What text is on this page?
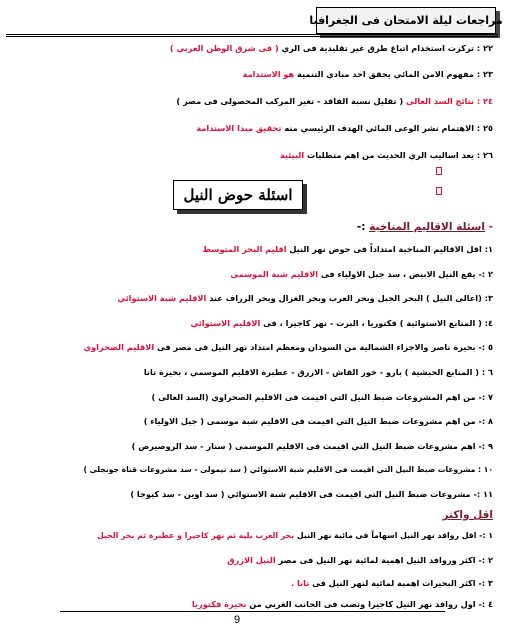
مراجعات ليلة الامتحان فى الجغرافيا
٢٢ : تركزت استخدام اتباع طرق غير تقليدية فى الري ( فى شرق الوطن العربي )
٢٣ : مفهوم الامن المائي يحقق احد مبادي التنمية هو الاستدامة
٢٤ : نتائج السد العالى ( تقليل نسبة الفاقد - تغير المركب المحصولى فى مصر )
٢٥ : الاهتمام نشر الوعى المائي الهدف الرئيسي منه تحقيق مبدا الاستدامة
٢٦ : يعد اساليب الري الحديث من اهم متطلبات البيئية
اسئلة حوض النيل
- اسئلة الاقاليم المناخية :-
١: اقل الاقاليم المناخية امتداداً فى حوض نهر النيل اقليم البحر المتوسط
٢ :- يقع النيل الابيض ، سد جبل الاولياء فى الاقليم شبة الموسمى
٣: (اعالى النيل ) البحر الجبل وبحر العرب وبحر الغزال وبحر الزراف عند الاقليم شبة الاستوائي
٤: ( المنابع الاستوائية ) فكتوريا ، البرت - نهر كاجيرا ، فى الاقليم الاستوائي
٥ :- بحيرة ناصر والاجزاء الشمالية من السودان ومعظم امتداد نهر النيل فى مصر فى الاقليم الصحراوي
٦ : ( المنابع الحبشية ) بارو - خور القاش - الازرق - عطبرة الاقليم الموسمي ، بحيرة تانا
٧ :- من اهم المشروعات ضبط النيل التي اقيمت فى الاقليم الصحراوي (السد العالى )
٨ :- من اهم مشروعات ضبط النيل التي اقيمت فى الاقليم شبة موسمى ( جبل الاولياء )
٩ :- اهم مشروعات ضبط النيل التي اقيمت فى الاقليم الموسمى ( سنار - سد الروصيرص )
١٠ : مشروعات ضبط النيل التي اقيمت فى الاقليم شبة الاستوائي ( سد نيمولى - سد مشروعات قناة جونجلى )
١١ :- مشروعات ضبط النيل التي اقيمت فى الاقليم شبة الاستوائي ( سد اوين - سد كيوجا )
اقل واكثر
١ :- اقل روافد نهر النيل اسهاماً فى مائية نهر النيل بحر العرب يليه ثم نهر كاجيرا و عطبرة ثم بحر الجبل
٢ :- اكثر وروافد النيل اهمية لمائية نهر النيل فى مصر النيل الازرق
٣ :- اكثر البحيرات اهمية لمائية لنهر النيل فى تانا .
٤ :- اول روافد نهر النيل كاجيرا وتصب فى الجانب الغربي من بحيرة فكتوريا
9
